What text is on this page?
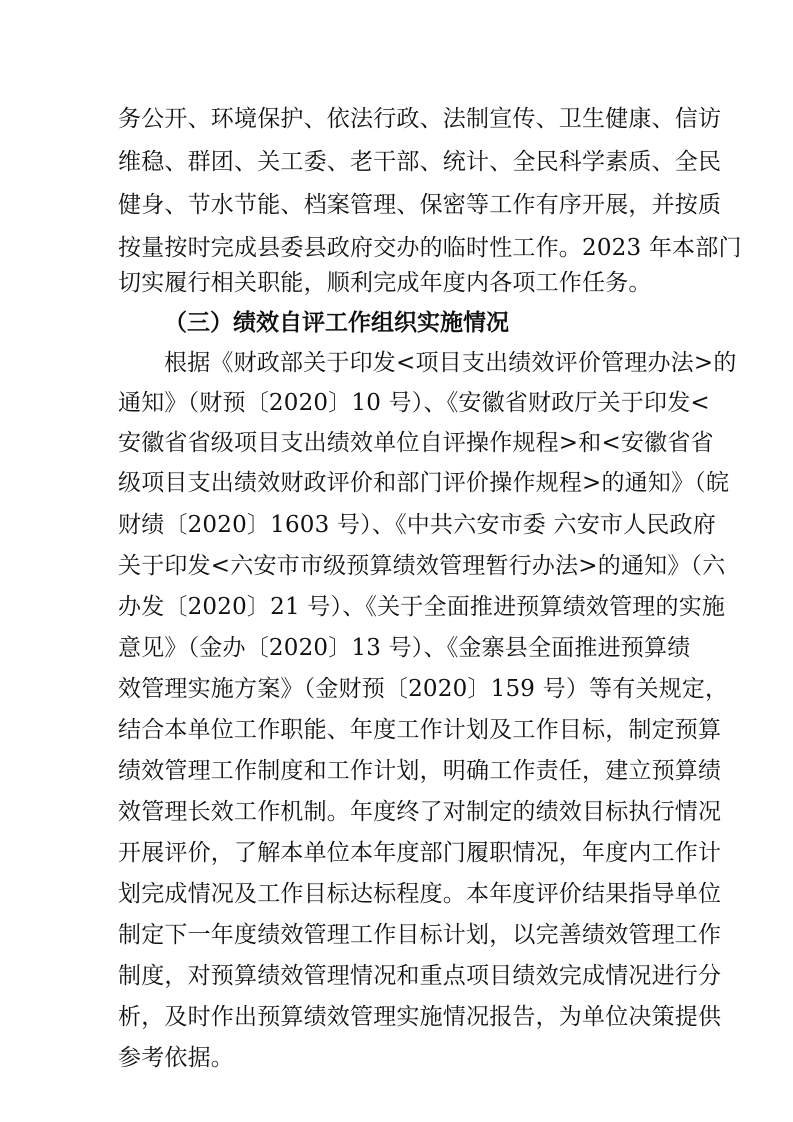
务公开、环境保护、依法行政、法制宣传、卫生健康、信访
维稳、群团、关工委、老干部、统计、全民科学素质、全民
健身、节水节能、档案管理、保密等工作有序开展，并按质
按量按时完成县委县政府交办的临时性工作。2023 年本部门
切实履行相关职能，顺利完成年度内各项工作任务。
（三）绩效自评工作组织实施情况
根据《财政部关于印发<项目支出绩效评价管理办法>的
通知》（财预〔2020〕10 号）、《安徽省财政厅关于印发<
安徽省省级项目支出绩效单位自评操作规程>和<安徽省省
级项目支出绩效财政评价和部门评价操作规程>的通知》（皖
财绩〔2020〕1603 号）、《中共六安市委 六安市人民政府
关于印发<六安市市级预算绩效管理暂行办法>的通知》（六
办发〔2020〕21 号）、《关于全面推进预算绩效管理的实施
意见》（金办〔2020〕13 号）、《金寨县全面推进预算绩
效管理实施方案》（金财预〔2020〕159 号）等有关规定，
结合本单位工作职能、年度工作计划及工作目标，制定预算
绩效管理工作制度和工作计划，明确工作责任，建立预算绩
效管理长效工作机制。年度终了对制定的绩效目标执行情况
开展评价，了解本单位本年度部门履职情况，年度内工作计
划完成情况及工作目标达标程度。本年度评价结果指导单位
制定下一年度绩效管理工作目标计划，以完善绩效管理工作
制度，对预算绩效管理情况和重点项目绩效完成情况进行分
析，及时作出预算绩效管理实施情况报告，为单位决策提供
参考依据。
